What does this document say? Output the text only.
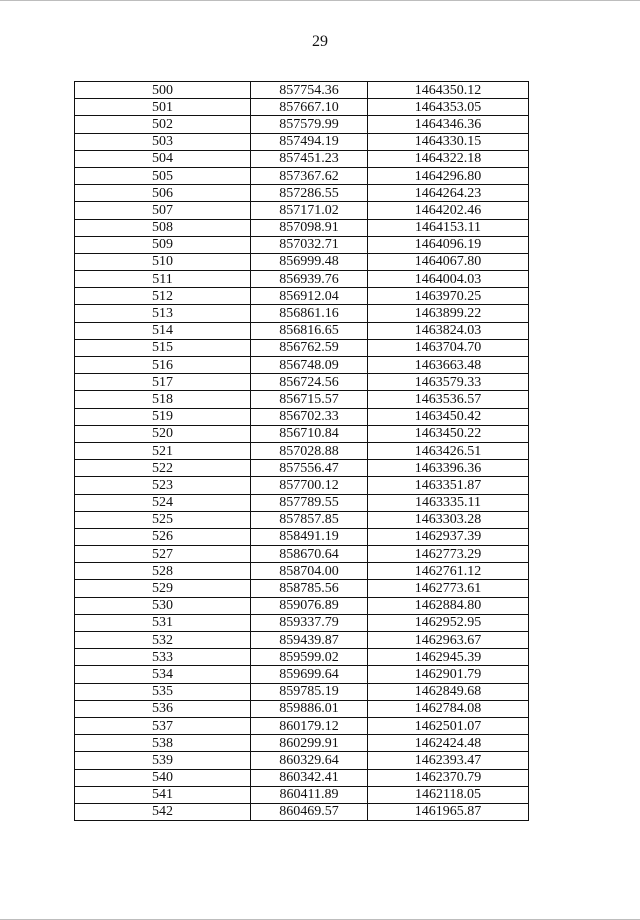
29
500	857754.36	1464350.12
501	857667.10	1464353.05
502	857579.99	1464346.36
503	857494.19	1464330.15
504	857451.23	1464322.18
505	857367.62	1464296.80
506	857286.55	1464264.23
507	857171.02	1464202.46
508	857098.91	1464153.11
509	857032.71	1464096.19
510	856999.48	1464067.80
511	856939.76	1464004.03
512	856912.04	1463970.25
513	856861.16	1463899.22
514	856816.65	1463824.03
515	856762.59	1463704.70
516	856748.09	1463663.48
517	856724.56	1463579.33
518	856715.57	1463536.57
519	856702.33	1463450.42
520	856710.84	1463450.22
521	857028.88	1463426.51
522	857556.47	1463396.36
523	857700.12	1463351.87
524	857789.55	1463335.11
525	857857.85	1463303.28
526	858491.19	1462937.39
527	858670.64	1462773.29
528	858704.00	1462761.12
529	858785.56	1462773.61
530	859076.89	1462884.80
531	859337.79	1462952.95
532	859439.87	1462963.67
533	859599.02	1462945.39
534	859699.64	1462901.79
535	859785.19	1462849.68
536	859886.01	1462784.08
537	860179.12	1462501.07
538	860299.91	1462424.48
539	860329.64	1462393.47
540	860342.41	1462370.79
541	860411.89	1462118.05
542	860469.57	1461965.87
